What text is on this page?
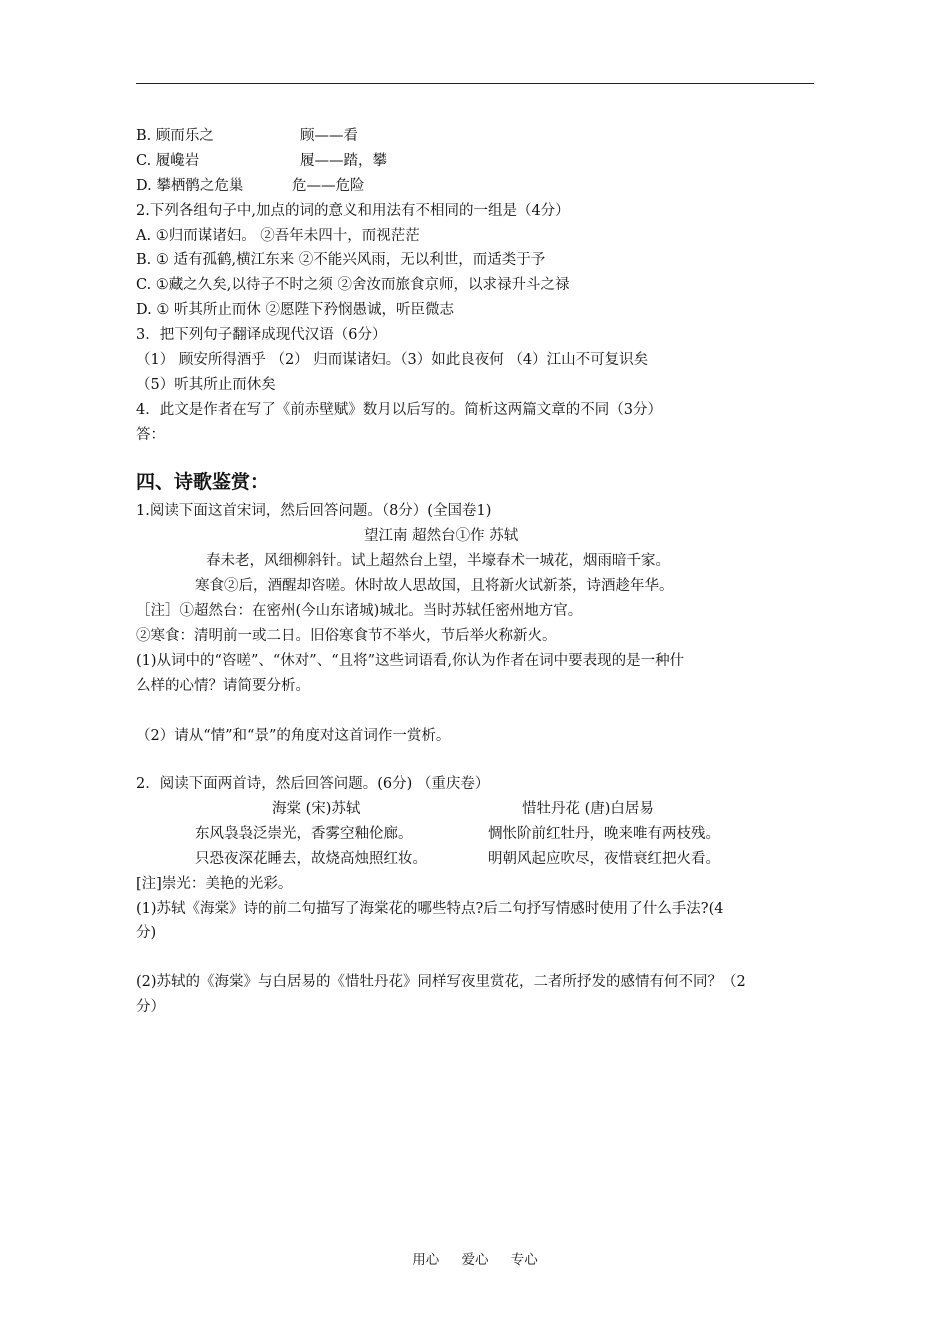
B. 顾而乐之	顾——看
C. 履巉岩	履——踏，攀
D. 攀栖鹘之危巢	危——危险
2.下列各组句子中,加点的词的意义和用法有不相同的一组是（4分）
A. ①归而谋诸妇。 ②吾年未四十，而视茫茫
B. ① 适有孤鹤,横江东来 ②不能兴风雨，无以利世，而适类于予
C. ①藏之久矣,以待子不时之须 ②舍汝而旅食京师，以求禄升斗之禄
D. ① 听其所止而休 ②愿陛下矜悯愚诚，听臣微志
3．把下列句子翻译成现代汉语（6分）
（1） 顾安所得酒乎 （2） 归而谋诸妇。（3）如此良夜何 （4）江山不可复识矣
（5）听其所止而休矣
4．此文是作者在写了《前赤壁赋》数月以后写的。简析这两篇文章的不同（3分）
答：
四、诗歌鉴赏：
1.阅读下面这首宋词，然后回答问题。（8分）(全国卷1)
望江南 超然台①作 苏轼
春未老，风细柳斜针。试上超然台上望，半壕春术一城花，烟雨暗千家。
寒食②后，酒醒却咨嗟。休时故人思故国，且将新火试新茶，诗酒趁年华。
［注］①超然台：在密州(今山东诸城)城北。当时苏轼任密州地方官。
②寒食：清明前一或二日。旧俗寒食节不举火，节后举火称新火。
(1)从词中的“咨嗟”、“休对”、“且将”这些词语看,你认为作者在词中要表现的是一种什
么样的心情？请简要分析。
（2）请从“情”和“景”的角度对这首词作一赏析。
2．阅读下面两首诗，然后回答问题。(6分) （重庆卷）
海棠 (宋)苏轼	惜牡丹花 (唐)白居易
东风袅袅泛崇光，香雾空釉伦廊。	惆怅阶前红牡丹，晚来唯有两枝残。
只恐夜深花睡去，故烧高烛照红妆。	明朝风起应吹尽，夜惜衰红把火看。
[注]崇光：美艳的光彩。
(1)苏轼《海棠》诗的前二句描写了海棠花的哪些特点?后二句抒写情感时使用了什么手法?(4
分)
(2)苏轼的《海棠》与白居易的《惜牡丹花》同样写夜里赏花，二者所抒发的感情有何不同？（2
分）
用心 爱心 专心
